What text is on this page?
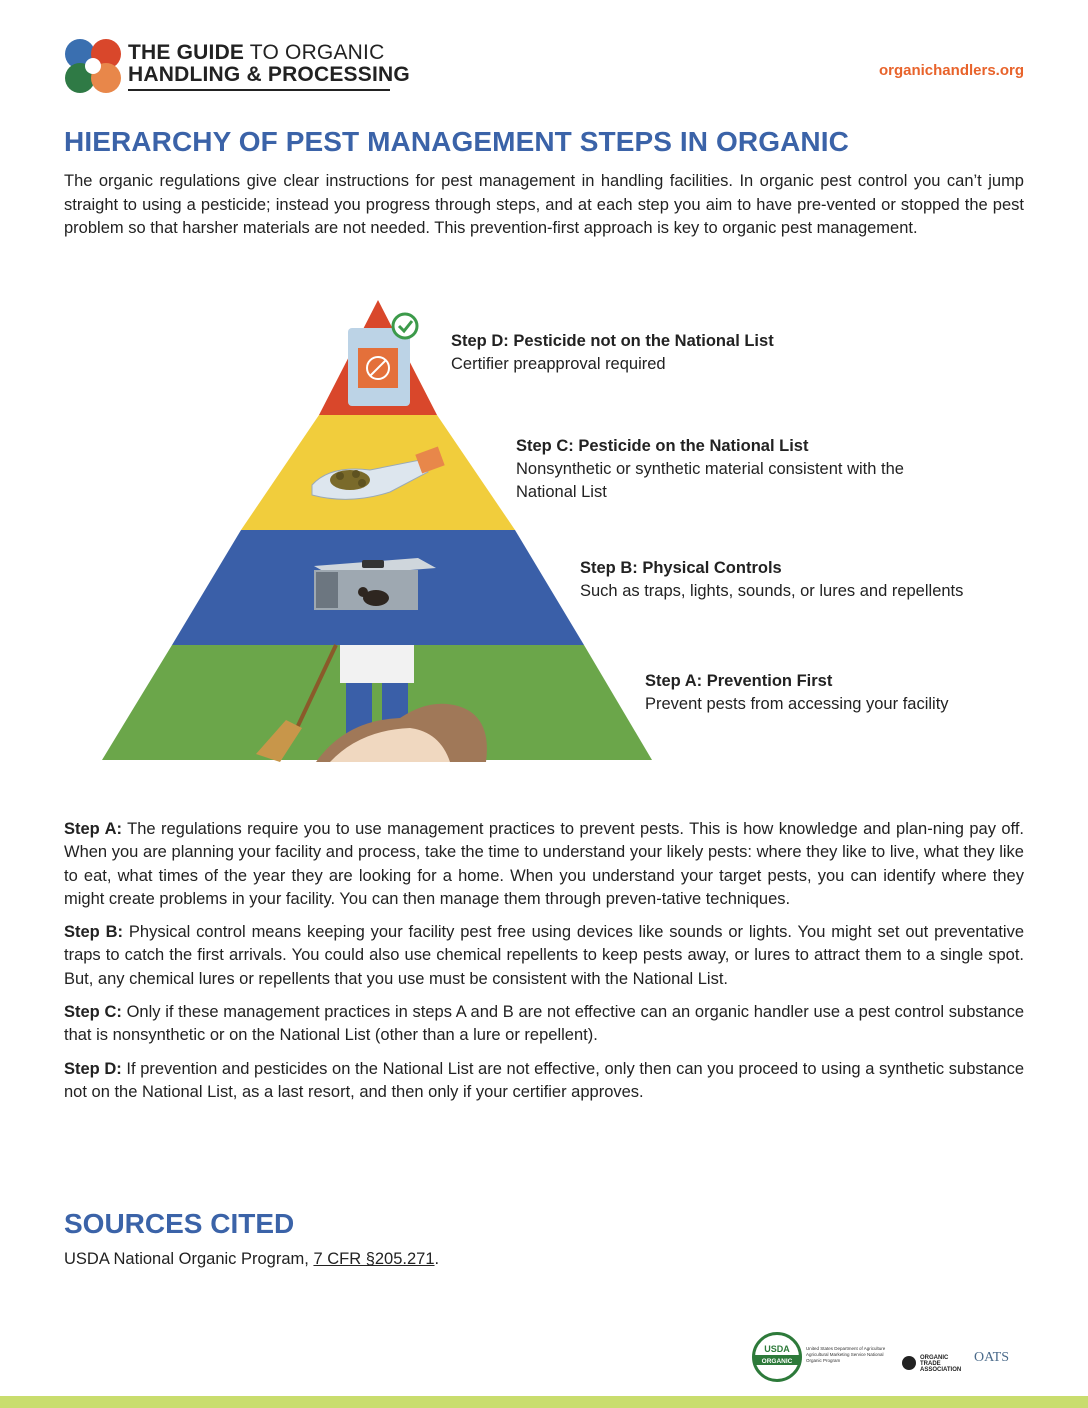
THE GUIDE TO ORGANIC
HANDLING & PROCESSING	organichandlers.org
HIERARCHY OF PEST MANAGEMENT STEPS IN ORGANIC
The organic regulations give clear instructions for pest management in handling facilities. In organic pest control you can’t jump straight to using a pesticide; instead you progress through steps, and at each step you aim to have pre-vented or stopped the pest problem so that harsher materials are not needed. This prevention-first approach is key to organic pest management.
Step D: Pesticide not on the National List
Certifier preapproval required
Step C: Pesticide on the National List
Nonsynthetic or synthetic material consistent with the National List
Step B: Physical Controls
Such as traps, lights, sounds, or lures and repellents
Step A: Prevention First
Prevent pests from accessing your facility

Step A: The regulations require you to use management practices to prevent pests. This is how knowledge and plan-ning pay off. When you are planning your facility and process, take the time to understand your likely pests: where they like to live, what they like to eat, what times of the year they are looking for a home. When you understand your target pests, you can identify where they might create problems in your facility. You can then manage them through preven-tative techniques.

Step B: Physical control means keeping your facility pest free using devices like sounds or lights. You might set out preventative traps to catch the first arrivals. You could also use chemical repellents to keep pests away, or lures to attract them to a single spot. But, any chemical lures or repellents that you use must be consistent with the National List.

Step C: Only if these management practices in steps A and B are not effective can an organic handler use a pest control substance that is nonsynthetic or on the National List (other than a lure or repellent).

Step D: If prevention and pesticides on the National List are not effective, only then can you proceed to using a synthetic substance not on the National List, as a last resort, and then only if your certifier approves.

SOURCES CITED
USDA National Organic Program, 7 CFR §205.271.
USDA
ORGANIC
United States Department of Agriculture Agricultural Marketing Service National Organic Program	ORGANIC TRADE ASSOCIATION
OATS
